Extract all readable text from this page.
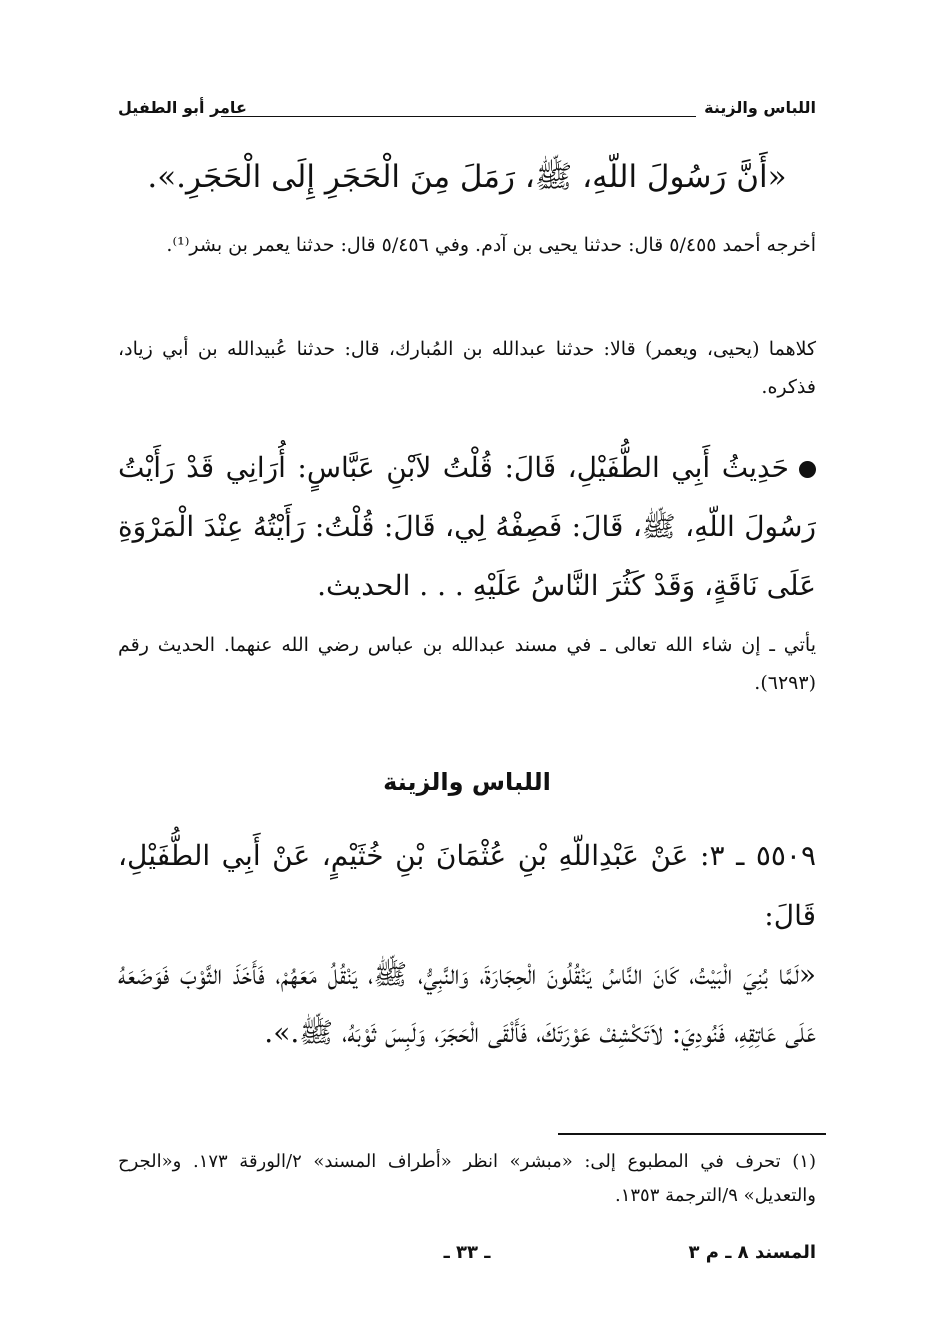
اللباس والزينة
عامر أبو الطفيل

«أَنَّ رَسُولَ اللّهِ، ﷺ، رَمَلَ مِنَ الْحَجَرِ إِلَى الْحَجَرِ.».

أخرجه أحمد ٥/٤٥٥ قال: حدثنا يحيى بن آدم. وفي ٥/٤٥٦ قال: حدثنا يعمر بن بشر⁽¹⁾.

كلاهما (يحيى، ويعمر) قالا: حدثنا عبدالله بن المُبارك، قال: حدثنا عُبيدالله بن أبي زياد، فذكره.

حَدِيثُ أَبِي الطُّفَيْلِ، قَالَ: قُلْتُ لاَبْنِ عَبَّاسٍ: أُرَانِي قَدْ رَأَيْتُ رَسُولَ اللّهِ، ﷺ، قَالَ: فَصِفْهُ لِي، قَالَ: قُلْتُ: رَأَيْتُهُ عِنْدَ الْمَرْوَةِ عَلَى نَاقَةٍ، وَقَدْ كَثُرَ النَّاسُ عَلَيْهِ . . . الحديث.

يأتي ـ إن شاء الله تعالى ـ في مسند عبدالله بن عباس رضي الله عنهما. الحديث رقم (٦٢٩٣).

اللباس والزينة

٥٥٠٩ ـ ٣: عَنْ عَبْدِاللّهِ بْنِ عُثْمَانَ بْنِ خُثَيْمٍ، عَنْ أَبِي الطُّفَيْلِ، قَالَ:

«لَمَّا بُنِيَ الْبَيْتُ، كَانَ النَّاسُ يَنْقُلُونَ الْحِجَارَةَ، وَالنَّبِيُّ، ﷺ، يَنْقُلُ مَعَهُمْ، فَأَخَذَ الثَّوْبَ فَوَضَعَهُ عَلَى عَاتِقِهِ، فَنُودِيَ: لاَتَكْشِفْ عَوْرَتَكَ، فَأَلْقَى الْحَجَرَ، وَلَبِسَ ثَوْبَهُ، ﷺ.».

(١) تحرف في المطبوع إلى: «مبشر» انظر «أطراف المسند» ٢/الورقة ١٧٣. و«الجرح والتعديل» ٩/الترجمة ١٣٥٣.

المسند ٨ ـ م ٣
ـ ٣٣ ـ
